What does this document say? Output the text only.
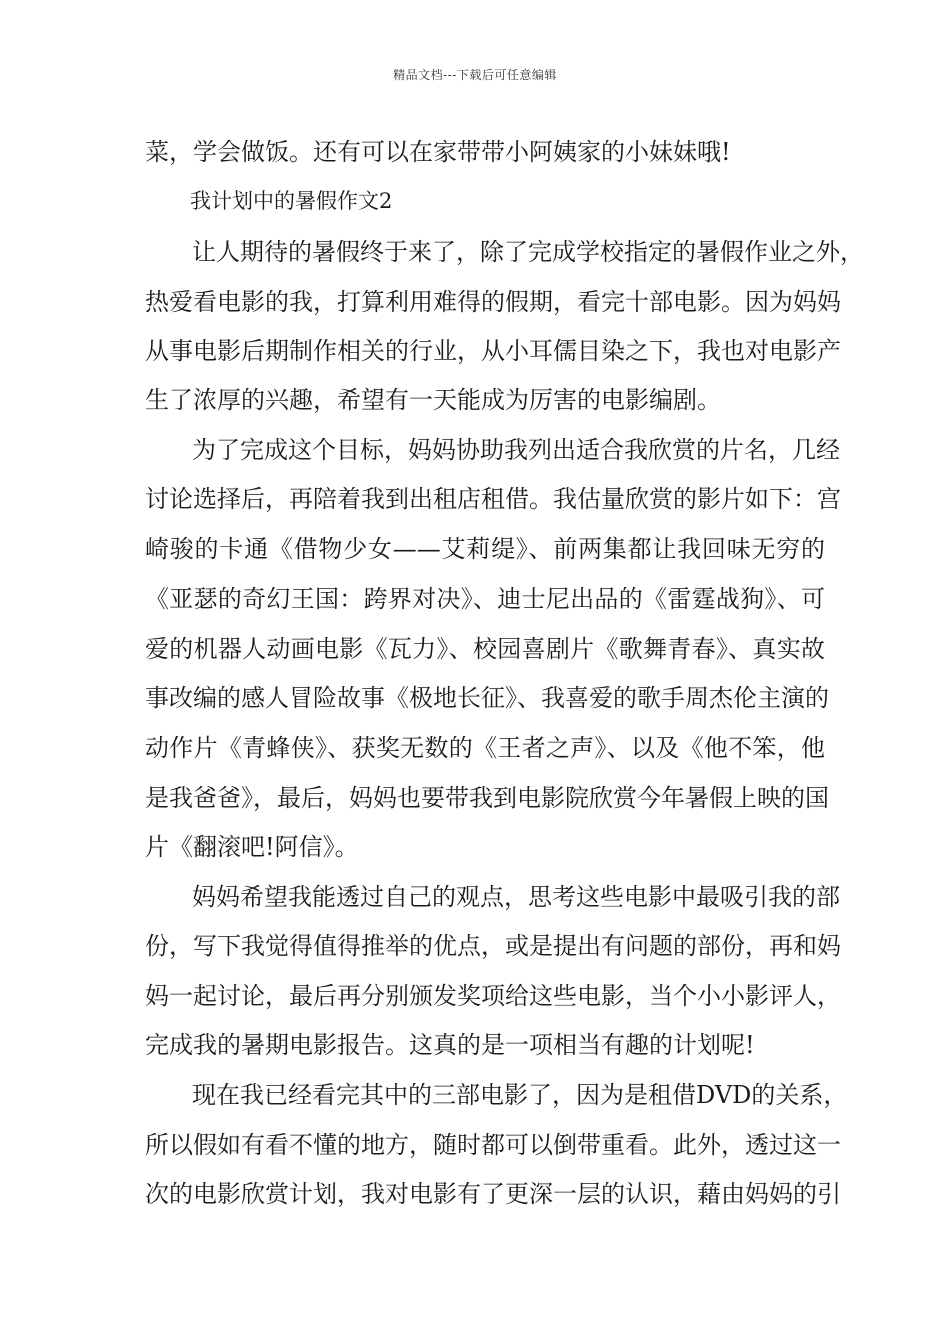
精品文档---下载后可任意编辑
菜，学会做饭。还有可以在家带带小阿姨家的小妹妹哦!
我计划中的暑假作文2
让人期待的暑假终于来了，除了完成学校指定的暑假作业之外，
热爱看电影的我，打算利用难得的假期，看完十部电影。因为妈妈
从事电影后期制作相关的行业，从小耳儒目染之下，我也对电影产
生了浓厚的兴趣，希望有一天能成为厉害的电影编剧。
为了完成这个目标，妈妈协助我列出适合我欣赏的片名，几经
讨论选择后，再陪着我到出租店租借。我估量欣赏的影片如下：宫
崎骏的卡通《借物少女——艾莉缇》、前两集都让我回味无穷的
《亚瑟的奇幻王国：跨界对决》、迪士尼出品的《雷霆战狗》、可
爱的机器人动画电影《瓦力》、校园喜剧片《歌舞青春》、真实故
事改编的感人冒险故事《极地长征》、我喜爱的歌手周杰伦主演的
动作片《青蜂侠》、获奖无数的《王者之声》、以及《他不笨，他
是我爸爸》，最后，妈妈也要带我到电影院欣赏今年暑假上映的国
片《翻滚吧!阿信》。
妈妈希望我能透过自己的观点，思考这些电影中最吸引我的部
份，写下我觉得值得推举的优点，或是提出有问题的部份，再和妈
妈一起讨论，最后再分别颁发奖项给这些电影，当个小小影评人，
完成我的暑期电影报告。这真的是一项相当有趣的计划呢!
现在我已经看完其中的三部电影了，因为是租借DVD的关系，
所以假如有看不懂的地方，随时都可以倒带重看。此外，透过这一
次的电影欣赏计划，我对电影有了更深一层的认识，藉由妈妈的引
